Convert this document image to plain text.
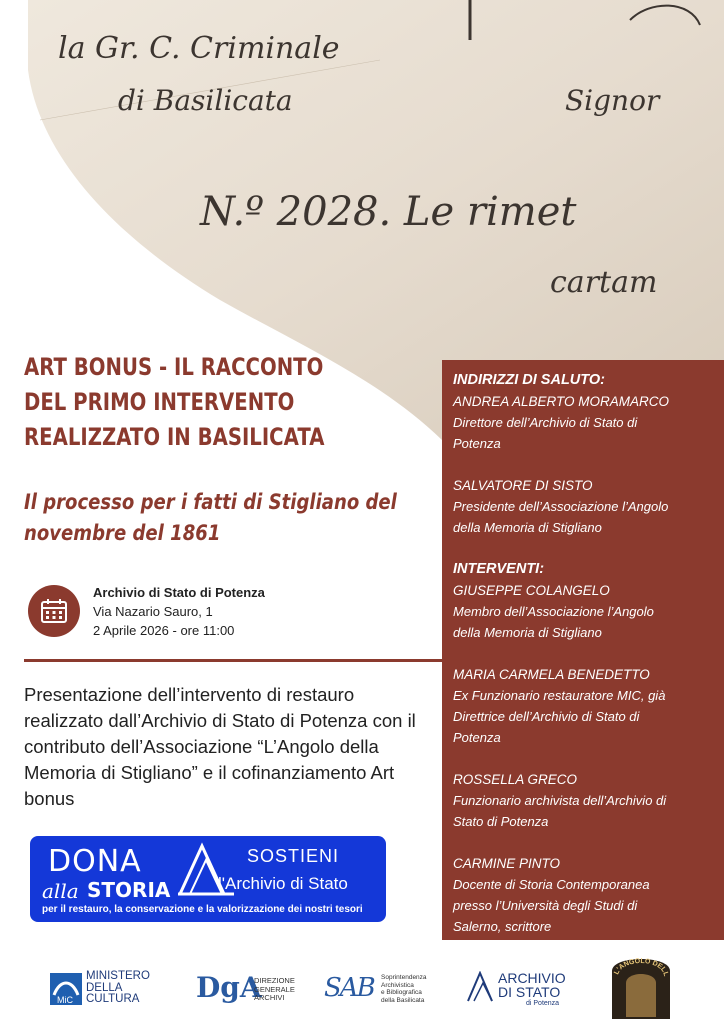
la Gr. C. Criminale
di Basilicata
N.º 2028. Le rimet
Signor
cartam
ART BONUS - IL RACCONTO
DEL PRIMO INTERVENTO
REALIZZATO IN BASILICATA
Il processo per i fatti di Stigliano del
novembre del 1861
Archivio di Stato di Potenza
Via Nazario Sauro, 1
2 Aprile 2026 - ore 11:00
Presentazione dell’intervento di restauro realizzato dall’Archivio di Stato di Potenza con il contributo dell’Associazione “L’Angolo della Memoria di Stigliano” e il cofinanziamento Art bonus
DONA
alla STORIA
SOSTIENI
l'Archivio di Stato
per il restauro, la conservazione e la valorizzazione dei nostri tesori
INDIRIZZI DI SALUTO:
ANDREA ALBERTO MORAMARCO
Direttore dell’Archivio di Stato di
Potenza
SALVATORE DI SISTO
Presidente dell’Associazione l’Angolo
della Memoria di Stigliano
INTERVENTI:
GIUSEPPE COLANGELO
Membro dell’Associazione l’Angolo
della Memoria di Stigliano
MARIA CARMELA BENEDETTO
Ex Funzionario restauratore MIC, già
Direttrice dell’Archivio di Stato di
Potenza
ROSSELLA GRECO
Funzionario archivista dell’Archivio di
Stato di Potenza
CARMINE PINTO
Docente di Storia Contemporanea
presso l’Università degli Studi di
Salerno, scrittore
MiC
MINISTERO
DELLA
CULTURA	DgA
DIREZIONE
GENERALE
ARCHIVI	SAB Soprintendenza
Archivistica
e Bibliografica
della Basilicata
ARCHIVIO
DI STATO
di Potenza
L'ANGOLO DELL
